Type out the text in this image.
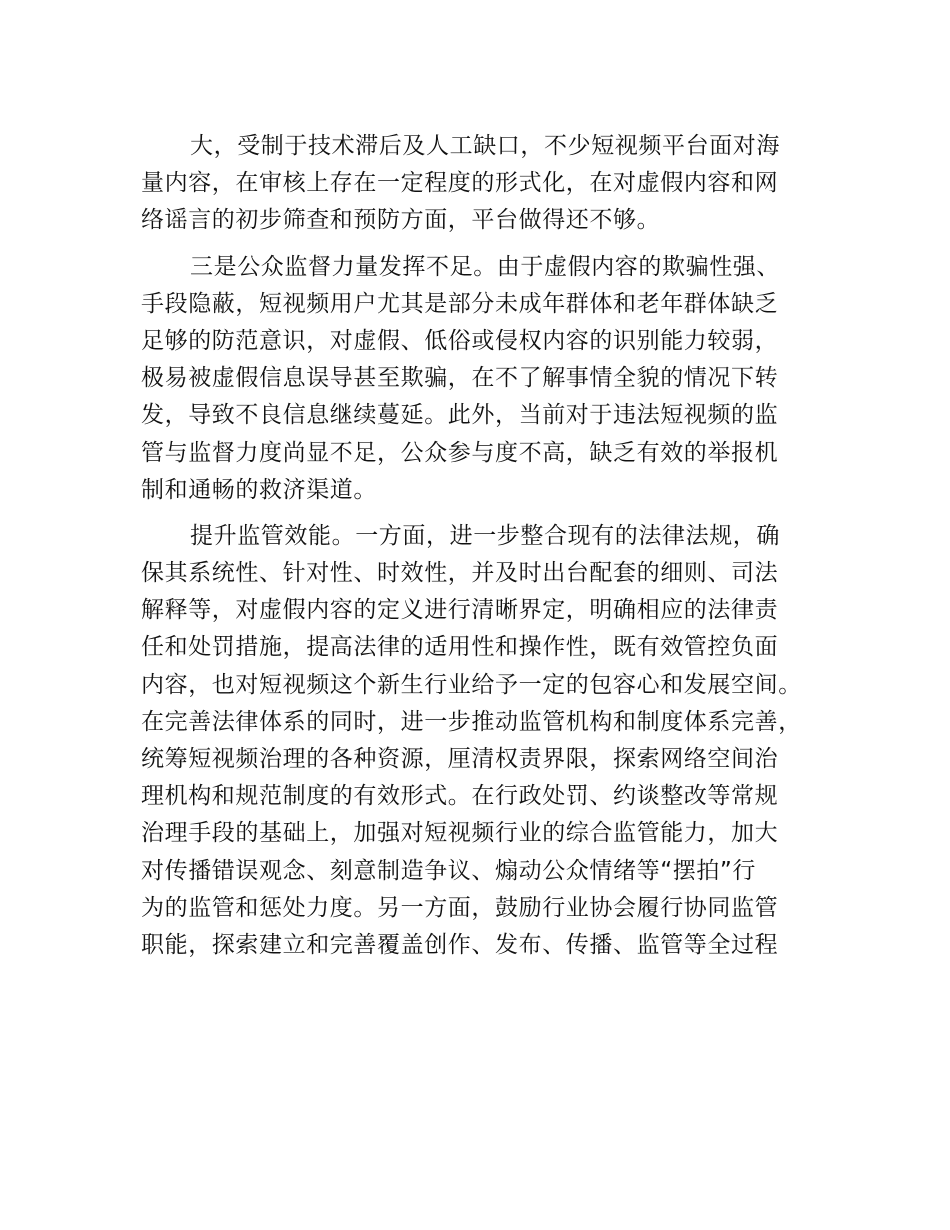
大，受制于技术滞后及人工缺口，不少短视频平台面对海
量内容，在审核上存在一定程度的形式化，在对虚假内容和网
络谣言的初步筛查和预防方面，平台做得还不够。
三是公众监督力量发挥不足。由于虚假内容的欺骗性强、
手段隐蔽，短视频用户尤其是部分未成年群体和老年群体缺乏
足够的防范意识，对虚假、低俗或侵权内容的识别能力较弱，
极易被虚假信息误导甚至欺骗，在不了解事情全貌的情况下转
发，导致不良信息继续蔓延。此外，当前对于违法短视频的监
管与监督力度尚显不足，公众参与度不高，缺乏有效的举报机
制和通畅的救济渠道。
提升监管效能。一方面，进一步整合现有的法律法规，确
保其系统性、针对性、时效性，并及时出台配套的细则、司法
解释等，对虚假内容的定义进行清晰界定，明确相应的法律责
任和处罚措施，提高法律的适用性和操作性，既有效管控负面
内容，也对短视频这个新生行业给予一定的包容心和发展空间。
在完善法律体系的同时，进一步推动监管机构和制度体系完善，
统筹短视频治理的各种资源，厘清权责界限，探索网络空间治
理机构和规范制度的有效形式。在行政处罚、约谈整改等常规
治理手段的基础上，加强对短视频行业的综合监管能力，加大
对传播错误观念、刻意制造争议、煽动公众情绪等“摆拍”行
为的监管和惩处力度。另一方面，鼓励行业协会履行协同监管
职能，探索建立和完善覆盖创作、发布、传播、监管等全过程
